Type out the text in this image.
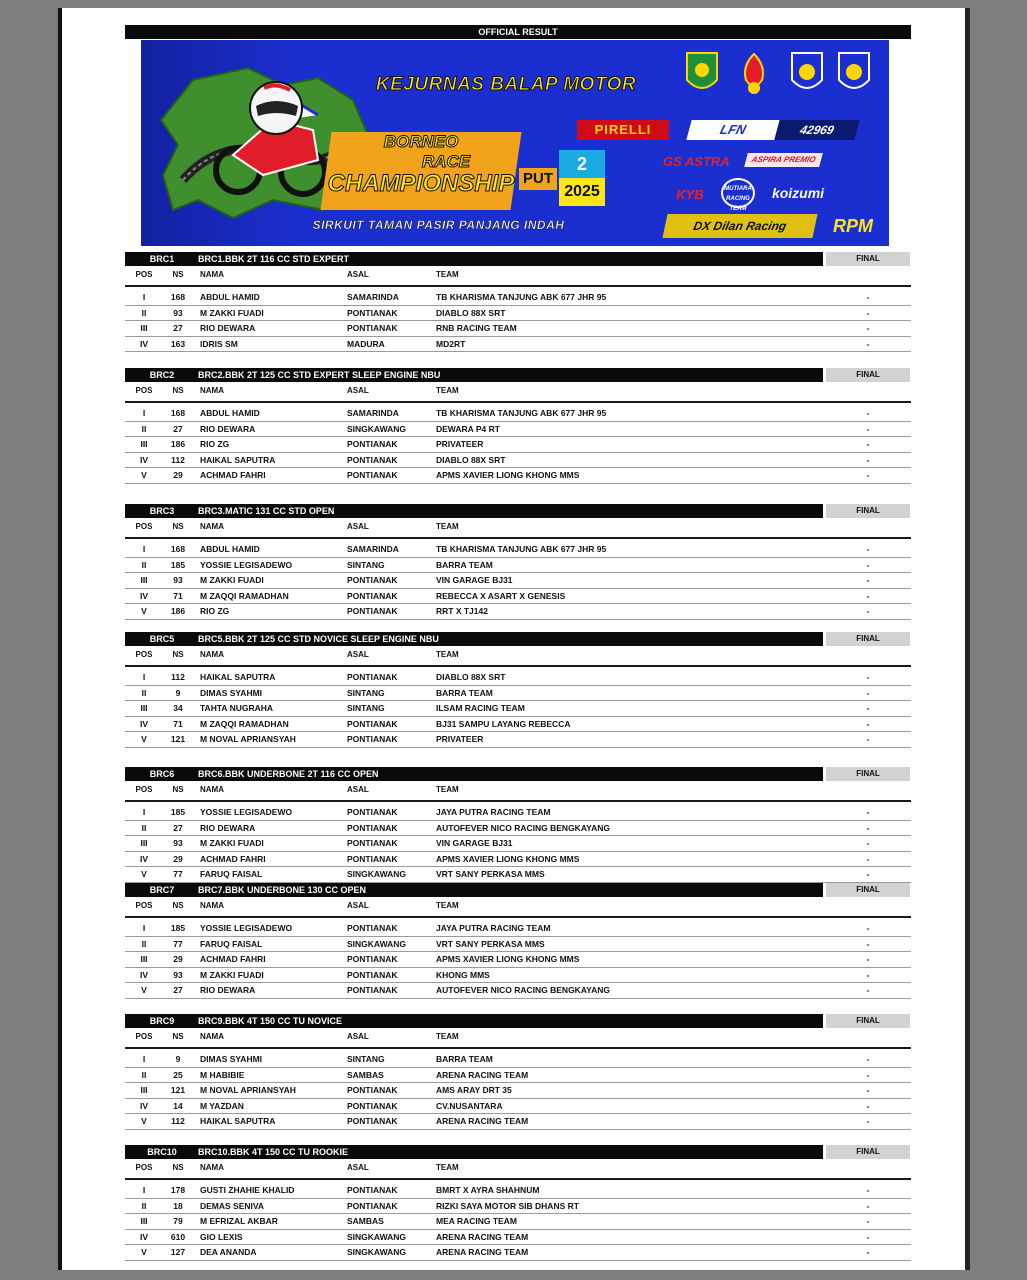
OFFICIAL RESULT
KEJURNAS BALAP MOTOR
BORNEO
RACE
CHAMPIONSHIP PUT
2
2025
SIRKUIT TAMAN PASIR PANJANG INDAH
PIRELLI	LFN	42969
GS ASTRA	ASPIRA PREMIO
KYB	MUTIARA RACING TEAM
koizumi
DX Dilan Racing	RPM
BRC1	BRC1.BBK 2T 116 CC STD EXPERT	FINAL
POS	NS	NAMA	ASAL	TEAM
I	168	ABDUL HAMID	SAMARINDA	TB KHARISMA TANJUNG ABK 677 JHR 95	-
II	93	M ZAKKI FUADI	PONTIANAK	DIABLO 88X SRT	-
III	27	RIO DEWARA	PONTIANAK	RNB RACING TEAM	-
IV	163	IDRIS SM	MADURA	MD2RT	-
BRC2	BRC2.BBK 2T 125 CC STD EXPERT SLEEP ENGINE NBU	FINAL
POS	NS	NAMA	ASAL	TEAM
I	168	ABDUL HAMID	SAMARINDA	TB KHARISMA TANJUNG ABK 677 JHR 95	-
II	27	RIO DEWARA	SINGKAWANG	DEWARA P4 RT	-
III	186	RIO ZG	PONTIANAK	PRIVATEER	-
IV	112	HAIKAL SAPUTRA	PONTIANAK	DIABLO 88X SRT	-
V	29	ACHMAD FAHRI	PONTIANAK	APMS XAVIER LIONG KHONG MMS	-
BRC3	BRC3.MATIC 131 CC STD OPEN	FINAL
POS	NS	NAMA	ASAL	TEAM
I	168	ABDUL HAMID	SAMARINDA	TB KHARISMA TANJUNG ABK 677 JHR 95	-
II	185	YOSSIE LEGISADEWO	SINTANG	BARRA TEAM	-
III	93	M ZAKKI FUADI	PONTIANAK	VIN GARAGE BJ31	-
IV	71	M ZAQQI RAMADHAN	PONTIANAK	REBECCA X ASART X GENESIS	-
V	186	RIO ZG	PONTIANAK	RRT X TJ142	-
BRC5	BRC5.BBK 2T 125 CC STD NOVICE SLEEP ENGINE NBU	FINAL
POS	NS	NAMA	ASAL	TEAM
I	112	HAIKAL SAPUTRA	PONTIANAK	DIABLO 88X SRT	-
II	9	DIMAS SYAHMI	SINTANG	BARRA TEAM	-
III	34	TAHTA NUGRAHA	SINTANG	ILSAM RACING TEAM	-
IV	71	M ZAQQI RAMADHAN	PONTIANAK	BJ31 SAMPU LAYANG REBECCA	-
V	121	M NOVAL APRIANSYAH	PONTIANAK	PRIVATEER	-
BRC6	BRC6.BBK UNDERBONE 2T 116 CC OPEN	FINAL
POS	NS	NAMA	ASAL	TEAM
I	185	YOSSIE LEGISADEWO	PONTIANAK	JAYA PUTRA RACING TEAM	-
II	27	RIO DEWARA	PONTIANAK	AUTOFEVER NICO RACING BENGKAYANG	-
III	93	M ZAKKI FUADI	PONTIANAK	VIN GARAGE BJ31	-
IV	29	ACHMAD FAHRI	PONTIANAK	APMS XAVIER LIONG KHONG MMS	-
V	77	FARUQ FAISAL	SINGKAWANG	VRT SANY PERKASA MMS	-
BRC7	BRC7.BBK UNDERBONE 130 CC OPEN	FINAL
POS	NS	NAMA	ASAL	TEAM
I	185	YOSSIE LEGISADEWO	PONTIANAK	JAYA PUTRA RACING TEAM	-
II	77	FARUQ FAISAL	SINGKAWANG	VRT SANY PERKASA MMS	-
III	29	ACHMAD FAHRI	PONTIANAK	APMS XAVIER LIONG KHONG MMS	-
IV	93	M ZAKKI FUADI	PONTIANAK	KHONG MMS	-
V	27	RIO DEWARA	PONTIANAK	AUTOFEVER NICO RACING BENGKAYANG	-
BRC9	BRC9.BBK 4T 150 CC TU NOVICE	FINAL
POS	NS	NAMA	ASAL	TEAM
I	9	DIMAS SYAHMI	SINTANG	BARRA TEAM	-
II	25	M HABIBIE	SAMBAS	ARENA RACING TEAM	-
III	121	M NOVAL APRIANSYAH	PONTIANAK	AMS ARAY DRT 35	-
IV	14	M YAZDAN	PONTIANAK	CV.NUSANTARA	-
V	112	HAIKAL SAPUTRA	PONTIANAK	ARENA RACING TEAM	-
BRC10	BRC10.BBK 4T 150 CC TU ROOKIE	FINAL
POS	NS	NAMA	ASAL	TEAM
I	178	GUSTI ZHAHIE KHALID	PONTIANAK	BMRT X AYRA SHAHNUM	-
II	18	DEMAS SENIVA	PONTIANAK	RIZKI SAYA MOTOR SIB DHANS RT	-
III	79	M EFRIZAL AKBAR	SAMBAS	MEA RACING TEAM	-
IV	610	GIO LEXIS	SINGKAWANG	ARENA RACING TEAM	-
V	127	DEA ANANDA	SINGKAWANG	ARENA RACING TEAM	-
